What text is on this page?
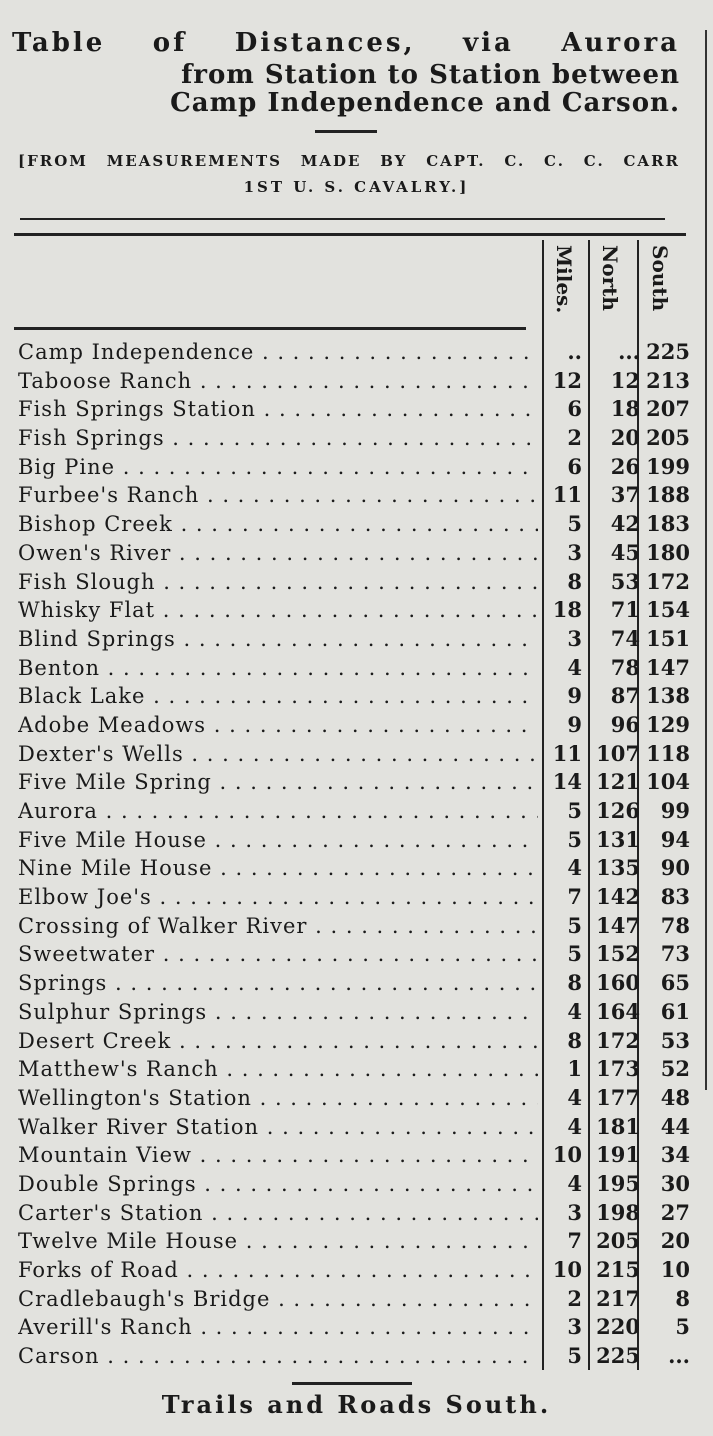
Table of Distances, via Aurora
from Station to Station between
Camp Independence and Carson.
[FROM MEASUREMENTS MADE BY CAPT. C. C. C. CARR
1ST U. S. CAVALRY.]
Miles.	North	South
Camp Independence . . .	..	... 225
Taboose Ranch . . .	12	12 213
Fish Springs Station . . .	6	18 207
Fish Springs . . .	2	20 205
Big Pine . . .	6	26 199
Furbee's Ranch . . .	11	37 188
Bishop Creek . . .	5	42 183
Owen's River . . .	3	45 180
Fish Slough . . .	8	53 172
Whisky Flat . . .	18	71 154
Blind Springs . . .	3	74 151
Benton . . .	4	78 147
Black Lake . . .	9	87 138
Adobe Meadows . . .	9	96 129
Dexter's Wells . . .	11 107 118
Five Mile Spring . . .	14 121 104
Aurora . . .	5 126 99
Five Mile House . . .	5 131 94
Nine Mile House . . .	4 135 90
Elbow Joe's . . .	7 142 83
Crossing of Walker River . . .	5 147 78
Sweetwater . . .	5 152 73
Springs . . .	8 160 65
Sulphur Springs . . .	4 164 61
Desert Creek . . .	8 172 53
Matthew's Ranch . . .	1 173 52
Wellington's Station . . .	4 177 48
Walker River Station . . .	4 181 44
Mountain View . . .	10 191 34
Double Springs . . .	4 195 30
Carter's Station . . .	3 198 27
Twelve Mile House . . .	7 205 20
Forks of Road . . .	10 215 10
Cradlebaugh's Bridge . . .	2 217	8
Averill's Ranch . . .	3 220	5
Carson . . .	5 225	...
Trails and Roads South.
